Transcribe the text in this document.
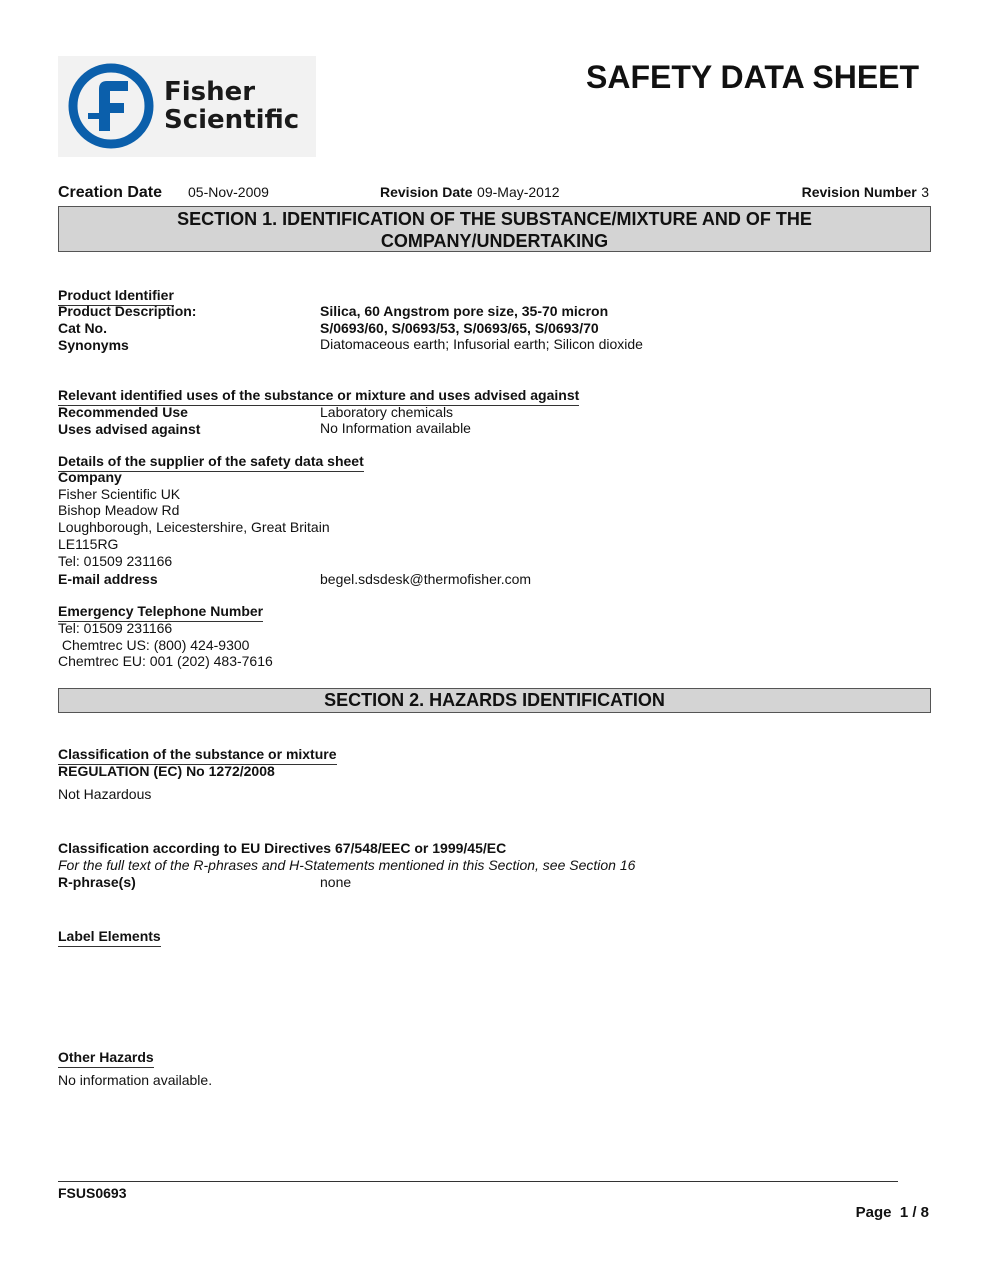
Fisher
Scientific
SAFETY DATA SHEET
Creation Date 05-Nov-2009	Revision Date 09-May-2012	Revision Number 3
SECTION 1. IDENTIFICATION OF THE SUBSTANCE/MIXTURE AND OF THE
COMPANY/UNDERTAKING
Product Identifier
Product Description:	Silica, 60 Angstrom pore size, 35-70 micron
Cat No.	S/0693/60, S/0693/53, S/0693/65, S/0693/70
Synonyms	Diatomaceous earth; Infusorial earth; Silicon dioxide
Relevant identified uses of the substance or mixture and uses advised against
Recommended Use	Laboratory chemicals
Uses advised against	No Information available
Details of the supplier of the safety data sheet
Company
Fisher Scientific UK
Bishop Meadow Rd
Loughborough, Leicestershire, Great Britain
LE115RG
Tel: 01509 231166
E-mail address	begel.sdsdesk@thermofisher.com
Emergency Telephone Number
Tel: 01509 231166
Chemtrec US: (800) 424-9300
Chemtrec EU: 001 (202) 483-7616
SECTION 2. HAZARDS IDENTIFICATION
Classification of the substance or mixture
REGULATION (EC) No 1272/2008
Not Hazardous
Classification according to EU Directives 67/548/EEC or 1999/45/EC
For the full text of the R-phrases and H-Statements mentioned in this Section, see Section 16
R-phrase(s)	none
Label Elements
Other Hazards
No information available.
FSUS0693
Page 1 / 8
